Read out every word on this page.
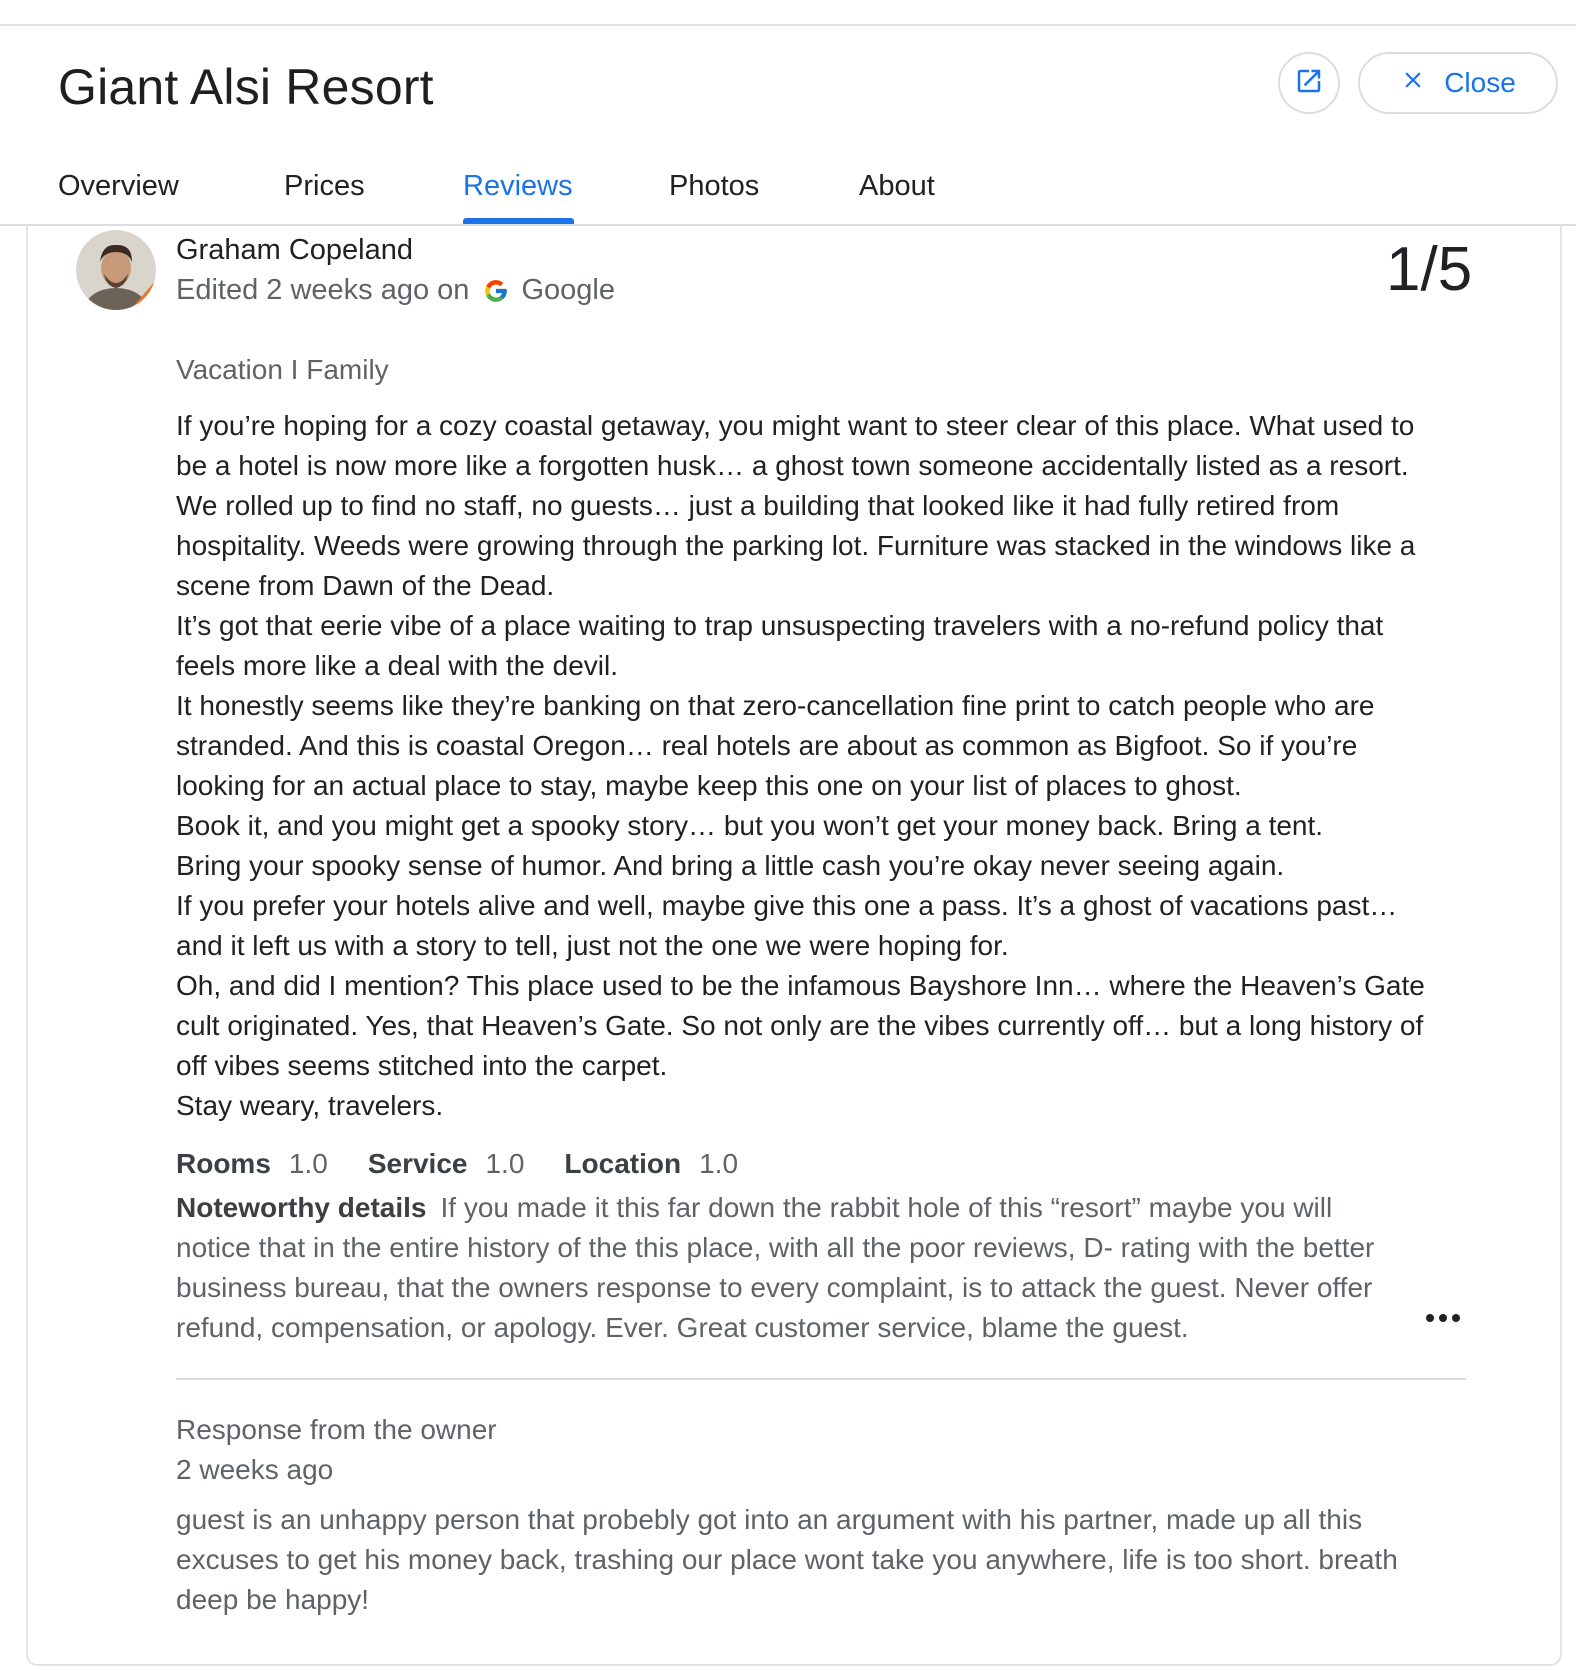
Giant Alsi Resort	Close
Overview	Prices	Reviews	Photos	About
Graham Copeland
Edited 2 weeks ago on Google	1/5
Vacation I Family

If you’re hoping for a cozy coastal getaway, you might want to steer clear of this place. What used to be a hotel is now more like a forgotten husk… a ghost town someone accidentally listed as a resort. We rolled up to find no staff, no guests… just a building that looked like it had fully retired from hospitality. Weeds were growing through the parking lot. Furniture was stacked in the windows like a scene from Dawn of the Dead.

It’s got that eerie vibe of a place waiting to trap unsuspecting travelers with a no-refund policy that feels more like a deal with the devil.

It honestly seems like they’re banking on that zero-cancellation fine print to catch people who are stranded. And this is coastal Oregon… real hotels are about as common as Bigfoot. So if you’re looking for an actual place to stay, maybe keep this one on your list of places to ghost.

Book it, and you might get a spooky story… but you won’t get your money back. Bring a tent.

Bring your spooky sense of humor. And bring a little cash you’re okay never seeing again.

If you prefer your hotels alive and well, maybe give this one a pass. It’s a ghost of vacations past… and it left us with a story to tell, just not the one we were hoping for.

Oh, and did I mention? This place used to be the infamous Bayshore Inn… where the Heaven’s Gate cult originated. Yes, that Heaven’s Gate. So not only are the vibes currently off… but a long history of off vibes seems stitched into the carpet.

Stay weary, travelers.

Rooms 1.0 Service 1.0 Location 1.0
Noteworthy details If you made it this far down the rabbit hole of this “resort” maybe you will notice that in the entire history of the this place, with all the poor reviews, D- rating with the better business bureau, that the owners response to every complaint, is to attack the guest. Never offer refund, compensation, or apology. Ever. Great customer service, blame the guest.
Response from the owner
2 weeks ago
guest is an unhappy person that probebly got into an argument with his partner, made up all this excuses to get his money back, trashing our place wont take you anywhere, life is too short. breath deep be happy!
